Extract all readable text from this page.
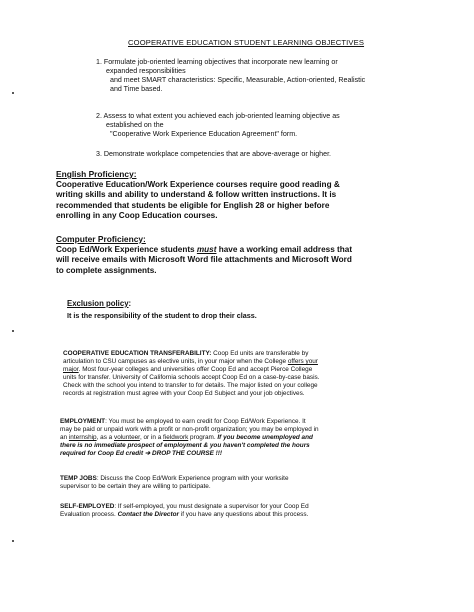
COOPERATIVE EDUCATION STUDENT LEARNING OBJECTIVES
1. Formulate job-oriented learning objectives that incorporate new learning or
expanded responsibilities
and meet SMART characteristics: Specific, Measurable, Action-oriented, Realistic
and Time based.
2. Assess to what extent you achieved each job-oriented learning objective as
established on the
"Cooperative Work Experience Education Agreement" form.
3. Demonstrate workplace competencies that are above-average or higher.
English Proficiency:
Cooperative Education/Work Experience courses require good reading &
writing skills and ability to understand & follow written instructions. It is
recommended that students be eligible for English 28 or higher before
enrolling in any Coop Education courses.
Computer Proficiency:
Coop Ed/Work Experience students must have a working email address that
will receive emails with Microsoft Word file attachments and Microsoft Word
to complete assignments.
Exclusion policy:
It is the responsibility of the student to drop their class.
COOPERATIVE EDUCATION TRANSFERABILITY: Coop Ed units are transferable by
articulation to CSU campuses as elective units, in your major when the College offers your
major. Most four-year colleges and universities offer Coop Ed and accept Pierce College
units for transfer. University of California schools accept Coop Ed on a case-by-case basis.
Check with the school you intend to transfer to for details. The major listed on your college
records at registration must agree with your Coop Ed Subject and your job objectives.
EMPLOYMENT: You must be employed to earn credit for Coop Ed/Work Experience. It
may be paid or unpaid work with a profit or non-profit organization; you may be employed in
an internship, as a volunteer, or in a fieldwork program. If you become unemployed and
there is no immediate prospect of employment & you haven't completed the hours
required for Coop Ed credit ➔ DROP THE COURSE !!!
TEMP JOBS: Discuss the Coop Ed/Work Experience program with your worksite
supervisor to be certain they are willing to participate.
SELF-EMPLOYED: If self-employed, you must designate a supervisor for your Coop Ed
Evaluation process. Contact the Director if you have any questions about this process.
